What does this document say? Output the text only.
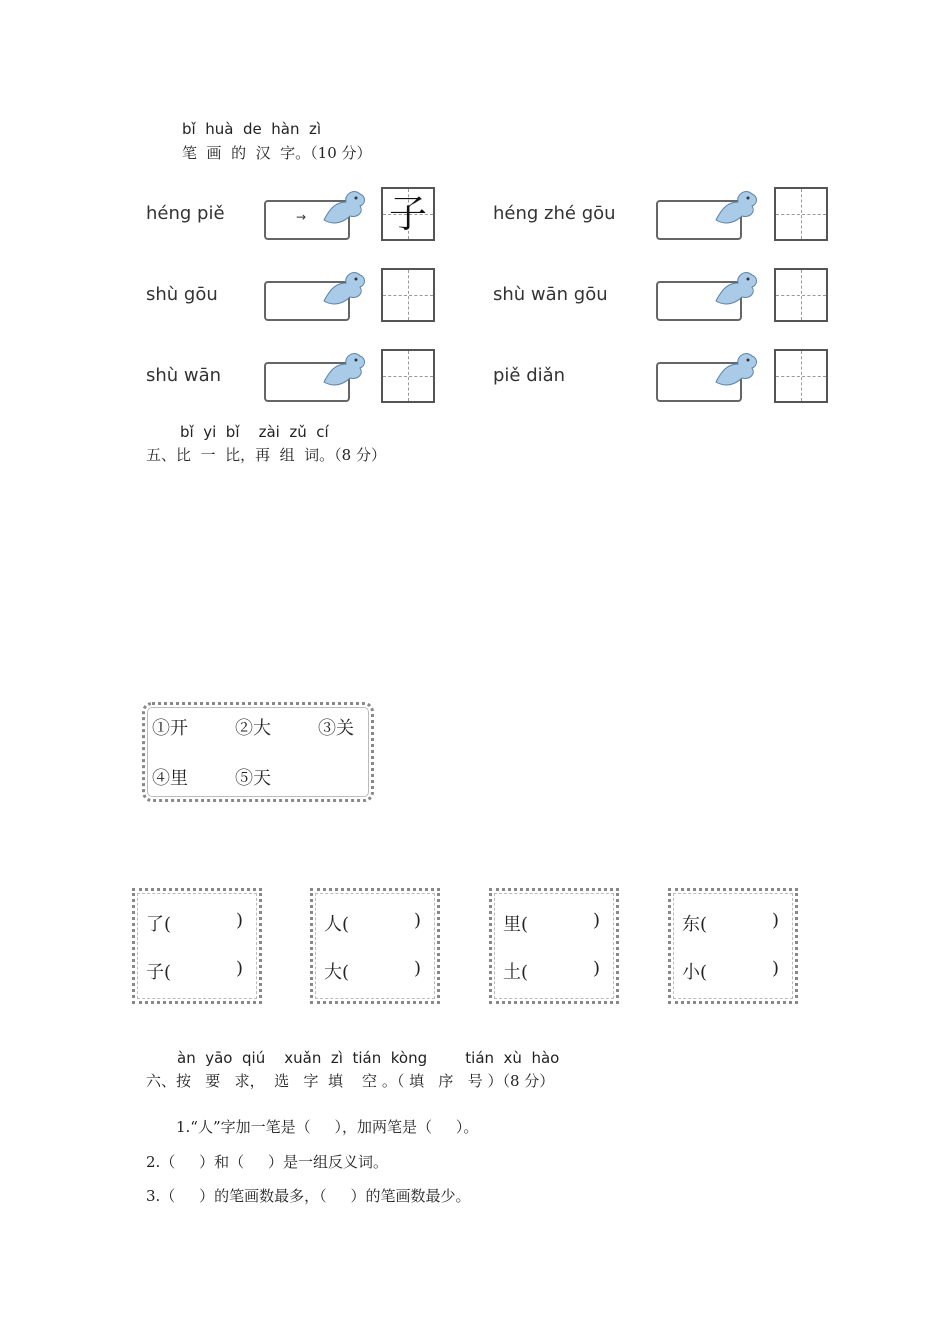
bǐ  huà  de  hàn  zì
笔  画  的  汉  字。（10 分）
héng piě	→ 子	héng zhé gōu
shù gōu	shù wān gōu
shù wān	piě diǎn
bǐ  yi  bǐ    zài  zǔ  cí
五、比  一  比，再  组  词。（8 分）
①开	②大	③关
④里	⑤天
了(	)
子(	)
人(	)
大(	)
里(	)
土(	)
东(	)
小(	)
àn  yāo  qiú    xuǎn  zì  tián  kòng        tián  xù  hào
六、按   要   求，  选   字  填    空 。（ 填   序   号 ）（8 分）
1.“人”字加一笔是（     ），加两笔是（     ）。
2.（     ）和（     ）是一组反义词。
3.（     ）的笔画数最多，（     ）的笔画数最少。
